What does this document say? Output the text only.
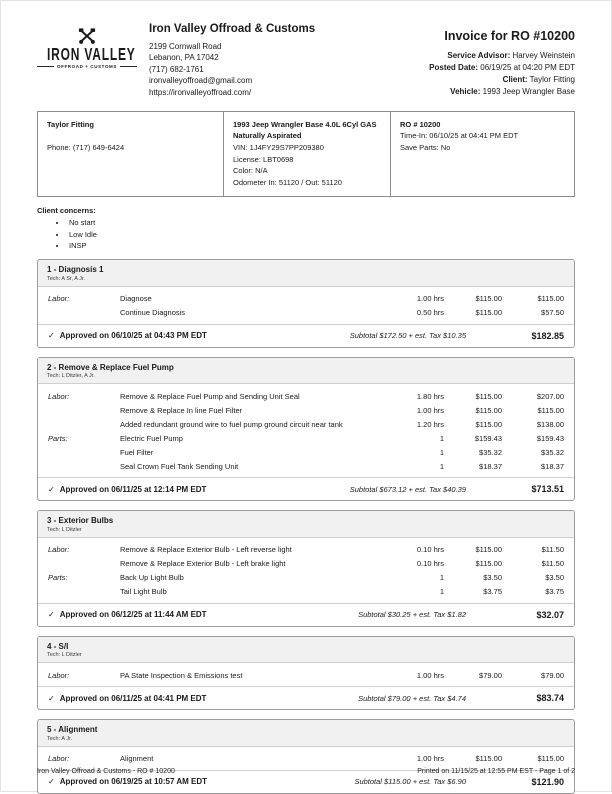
IRON VALLEY
OFFROAD + CUSTOMS
Iron Valley Offroad & Customs
2199 Cornwall Road
Lebanon, PA 17042
(717) 682-1761
ironvalleyoffroad@gmail.com
https://ironvalleyoffroad.com/
Invoice for RO #10200
Service Advisor: Harvey Weinstein
Posted Date: 06/19/25 at 04:20 PM EDT
Client: Taylor Fitting
Vehicle: 1993 Jeep Wrangler Base
Taylor Fitting
Phone: (717) 649-6424
1993 Jeep Wrangler Base 4.0L 6Cyl GAS Naturally Aspirated
VIN: 1J4FY29S7PP209380
License: LBT0698
Color: N/A
Odometer In: 51120 / Out: 51120
RO # 10200
Time-In: 06/10/25 at 04:41 PM EDT
Save Parts: No
Client concerns:
• No start
• Low Idle
• INSP
1 - Diagnosis 1
Tech: A Sr, A Jr.
Labor:	Diagnose	1.00 hrs	$115.00	$115.00
Continue Diagnosis	0.50 hrs	$115.00	$57.50
✓ Approved on 06/10/25 at 04:43 PM EDT	Subtotal $172.50 + est. Tax $10.35	$182.85
2 - Remove & Replace Fuel Pump
Tech: L Ditzler, A Jr.
Labor:	Remove & Replace Fuel Pump and Sending Unit Seal	1.80 hrs	$115.00	$207.00
Remove & Replace In line Fuel Filter	1.00 hrs	$115.00	$115.00
Added redundant ground wire to fuel pump ground circuit near tank	1.20 hrs	$115.00	$138.00
Parts:	Electric Fuel Pump	1	$159.43	$159.43
Fuel Filter	1	$35.32	$35.32
Seal Crown Fuel Tank Sending Unit	1	$18.37	$18.37
✓ Approved on 06/11/25 at 12:14 PM EDT	Subtotal $673.12 + est. Tax $40.39	$713.51
3 - Exterior Bulbs
Tech: L Ditzler
Labor:	Remove & Replace Exterior Bulb - Left reverse light	0.10 hrs	$115.00	$11.50
Remove & Replace Exterior Bulb - Left brake light	0.10 hrs	$115.00	$11.50
Parts:	Back Up Light Bulb	1	$3.50	$3.50
Tail Light Bulb	1	$3.75	$3.75
✓ Approved on 06/12/25 at 11:44 AM EDT	Subtotal $30.25 + est. Tax $1.82	$32.07
4 - S/I
Tech: L Ditzler
Labor:	PA State Inspection & Emissions test	1.00 hrs	$79.00	$79.00
✓ Approved on 06/11/25 at 04:41 PM EDT	Subtotal $79.00 + est. Tax $4.74	$83.74
5 - Alignment
Tech: A Jr.
Labor:	Alignment	1.00 hrs	$115.00	$115.00
✓ Approved on 06/19/25 at 10:57 AM EDT	Subtotal $115.00 + est. Tax $6.90	$121.90
Iron Valley Offroad & Customs - RO # 10200	Printed on 11/15/25 at 12:55 PM EST - Page 1 of 2
